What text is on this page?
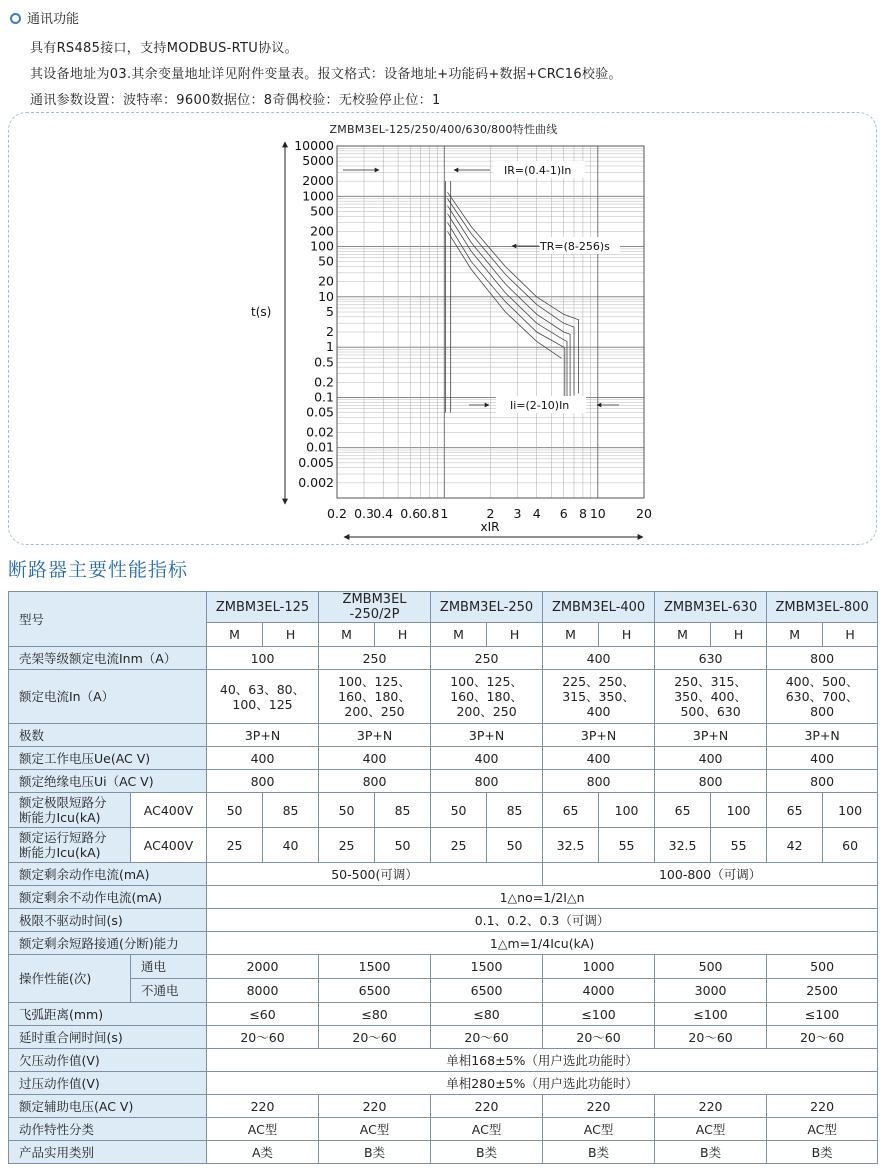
通讯功能
具有RS485接口，支持MODBUS-RTU协议。
其设备地址为03.其余变量地址详见附件变量表。报文格式：设备地址+功能码+数据+CRC16校验。
通讯参数设置：波特率：9600数据位：8奇偶校验：无校验停止位：1
ZMBM3EL-125/250/400/630/800特性曲线
10000
5000
2000
1000
500
200
100
50
20
10
5
2
1
0.5
0.2
0.1
0.05
0.02
0.01
0.005
0.002
t(s)
0.2 0.3 0.4 0.6 0.8 1	2 3 4 6 8 10 20
xIR
IR=(0.4-1)In
TR=(8-256)s
Ii=(2-10)In
断路器主要性能指标
型号		ZMBM3EL-125		ZMBM3EL
-250/2P		ZMBM3EL-250		ZMBM3EL-400		ZMBM3EL-630		ZMBM3EL-800	
		M	H	M	H	M	H	M	H	M	H	M	H
壳架等级额定电流Inm（A）		100		250		250		400		630		800	
额定电流In（A）		40、63、80、
100、125		100、125、
160、180、
200、250		100、125、
160、180、
200、250		225、250、
315、350、
400		250、315、
350、400、
500、630		400、500、
630、700、
800	
极数		3P+N		3P+N		3P+N		3P+N		3P+N		3P+N	
额定工作电压Ue(AC V)		400		400		400		400		400		400	
额定绝缘电压Ui（AC V)		800		800		800		800		800		800	
额定极限短路分
断能力Icu(kA)	AC400V	50	85	50	85	50	85	65	100	65	100	65	100
额定运行短路分
断能力Icu(kA)	AC400V	25	40	25	50	25	50	32.5	55	32.5	55	42	60
额定剩余动作电流(mA)		50-500(可调）						100-800（可调）					
额定剩余不动作电流(mA)		1△no=1/2I△n											
极限不驱动时间(s)		0.1、0.2、0.3（可调）											
额定剩余短路接通(分断)能力		1△m=1/4Icu(kA)											
操作性能(次)	通电	2000		1500		1500		1000		500		500	
	不通电	8000		6500		6500		4000		3000		2500	
飞弧距离(mm)		≤60		≤80		≤80		≤100		≤100		≤100	
延时重合闸时间(s)		20～60		20～60		20～60		20～60		20～60		20～60	
欠压动作值(V)		单相168±5%（用户选此功能时）											
过压动作值(V)		单相280±5%（用户选此功能时）											
额定辅助电压(AC V)		220		220		220		220		220		220	
动作特性分类		AC型		AC型		AC型		AC型		AC型		AC型	
产品实用类别		A类		B类		B类		B类		B类		B类	
